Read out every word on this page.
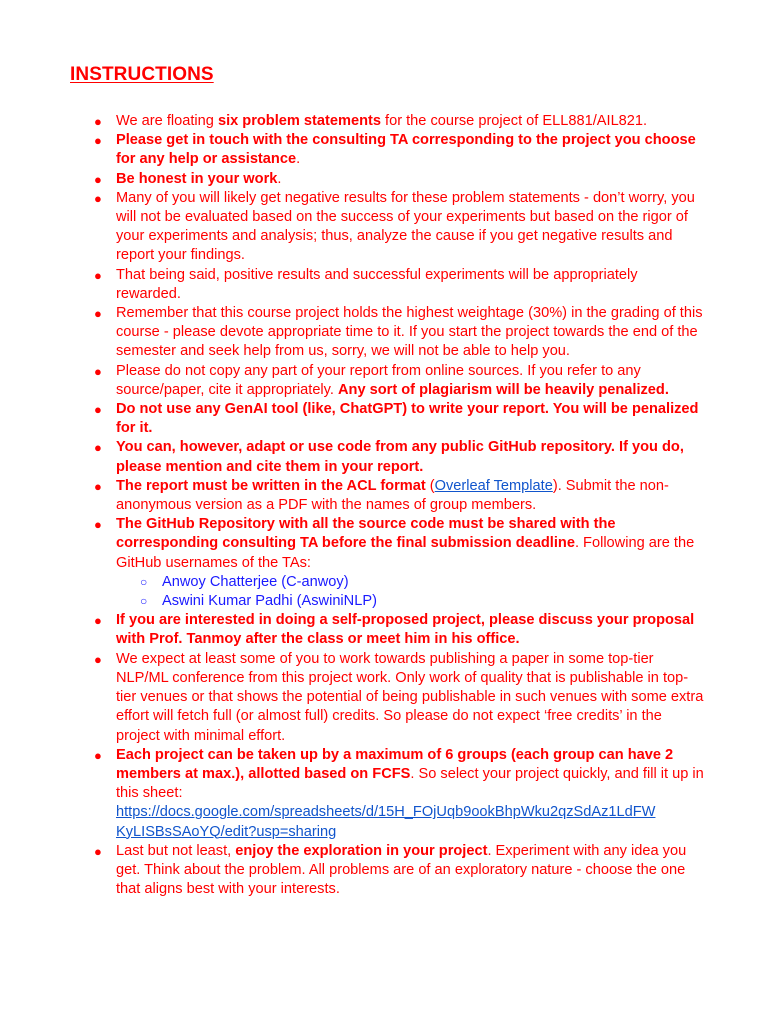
INSTRUCTIONS
● We are floating six problem statements for the course project of ELL881/AIL821.
● Please get in touch with the consulting TA corresponding to the project you choose for any help or assistance.
● Be honest in your work.
● Many of you will likely get negative results for these problem statements - don’t worry, you will not be evaluated based on the success of your experiments but based on the rigor of your experiments and analysis; thus, analyze the cause if you get negative results and report your findings.
● That being said, positive results and successful experiments will be appropriately rewarded.
● Remember that this course project holds the highest weightage (30%) in the grading of this course - please devote appropriate time to it. If you start the project towards the end of the semester and seek help from us, sorry, we will not be able to help you.
● Please do not copy any part of your report from online sources. If you refer to any source/paper, cite it appropriately. Any sort of plagiarism will be heavily penalized.
● Do not use any GenAI tool (like, ChatGPT) to write your report. You will be penalized for it.
● You can, however, adapt or use code from any public GitHub repository. If you do, please mention and cite them in your report.
● The report must be written in the ACL format (Overleaf Template). Submit the non-anonymous version as a PDF with the names of group members.
● The GitHub Repository with all the source code must be shared with the corresponding consulting TA before the final submission deadline. Following are the GitHub usernames of the TAs:
○ Anwoy Chatterjee (C-anwoy)
○ Aswini Kumar Padhi (AswiniNLP)
● If you are interested in doing a self-proposed project, please discuss your proposal with Prof. Tanmoy after the class or meet him in his office.
● We expect at least some of you to work towards publishing a paper in some top-tier NLP/ML conference from this project work. Only work of quality that is publishable in top-tier venues or that shows the potential of being publishable in such venues with some extra effort will fetch full (or almost full) credits. So please do not expect ‘free credits’ in the project with minimal effort.
● Each project can be taken up by a maximum of 6 groups (each group can have 2 members at max.), allotted based on FCFS. So select your project quickly, and fill it up in this sheet:
https://docs.google.com/spreadsheets/d/15H_FOjUqb9ookBhpWku2qzSdAz1LdFW
KyLISBsSAoYQ/edit?usp=sharing
● Last but not least, enjoy the exploration in your project. Experiment with any idea you get. Think about the problem. All problems are of an exploratory nature - choose the one that aligns best with your interests.
